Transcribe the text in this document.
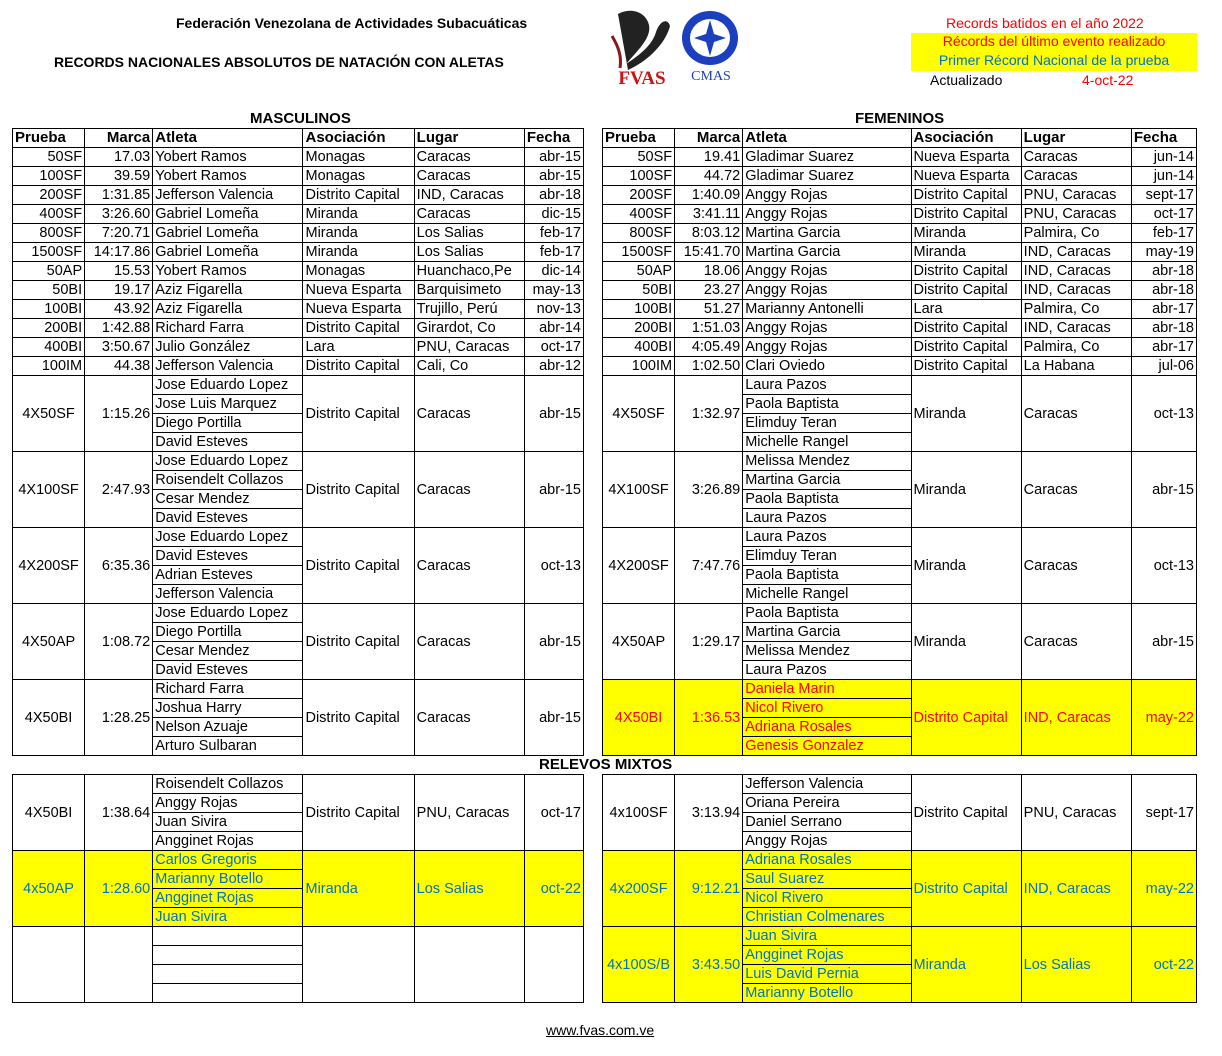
Federación Venezolana de Actividades Subacuáticas
RECORDS NACIONALES ABSOLUTOS DE NATACIÓN CON ALETAS
FVAS CMAS
Records batidos en el año 2022
Récords del último evento realizado
Primer Récord Nacional de la prueba
Actualizado	4-oct-22
MASCULINOS	FEMENINOS
RELEVOS MIXTOS
Prueba	Marca	Atleta	Asociación	Lugar	Fecha
50SF	17.03	Yobert Ramos	Monagas	Caracas	abr-15
100SF	39.59	Yobert Ramos	Monagas	Caracas	abr-15
200SF	1:31.85	Jefferson Valencia	Distrito Capital	IND, Caracas	abr-18
400SF	3:26.60	Gabriel Lomeña	Miranda	Caracas	dic-15
800SF	7:20.71	Gabriel Lomeña	Miranda	Los Salias	feb-17
1500SF	14:17.86	Gabriel Lomeña	Miranda	Los Salias	feb-17
50AP	15.53	Yobert Ramos	Monagas	Huanchaco,Pe	dic-14
50BI	19.17	Aziz Figarella	Nueva Esparta	Barquisimeto	may-13
100BI	43.92	Aziz Figarella	Nueva Esparta	Trujillo, Perú	nov-13
200BI	1:42.88	Richard Farra	Distrito Capital	Girardot, Co	abr-14
400BI	3:50.67	Julio González	Lara	PNU, Caracas	oct-17
100IM	44.38	Jefferson Valencia	Distrito Capital	Cali, Co	abr-12
4X50SF	1:15.26	Jose Eduardo Lopez	Distrito Capital	Caracas	abr-15
		Jose Luis Marquez			
		Diego Portilla			
		David Esteves			
4X100SF	2:47.93	Jose Eduardo Lopez	Distrito Capital	Caracas	abr-15
		Roisendelt Collazos			
		Cesar Mendez			
		David Esteves			
4X200SF	6:35.36	Jose Eduardo Lopez	Distrito Capital	Caracas	oct-13
		David Esteves			
		Adrian Esteves			
		Jefferson Valencia			
4X50AP	1:08.72	Jose Eduardo Lopez	Distrito Capital	Caracas	abr-15
		Diego Portilla			
		Cesar Mendez			
		David Esteves			
4X50BI	1:28.25	Richard Farra	Distrito Capital	Caracas	abr-15
		Joshua Harry			
		Nelson Azuaje			
		Arturo Sulbaran			
Prueba	Marca	Atleta	Asociación	Lugar	Fecha
50SF	19.41	Gladimar Suarez	Nueva Esparta	Caracas	jun-14
100SF	44.72	Gladimar Suarez	Nueva Esparta	Caracas	jun-14
200SF	1:40.09	Anggy Rojas	Distrito Capital	PNU, Caracas	sept-17
400SF	3:41.11	Anggy Rojas	Distrito Capital	PNU, Caracas	oct-17
800SF	8:03.12	Martina Garcia	Miranda	Palmira, Co	feb-17
1500SF	15:41.70	Martina Garcia	Miranda	IND, Caracas	may-19
50AP	18.06	Anggy Rojas	Distrito Capital	IND, Caracas	abr-18
50BI	23.27	Anggy Rojas	Distrito Capital	IND, Caracas	abr-18
100BI	51.27	Marianny Antonelli	Lara	Palmira, Co	abr-17
200BI	1:51.03	Anggy Rojas	Distrito Capital	IND, Caracas	abr-18
400BI	4:05.49	Anggy Rojas	Distrito Capital	Palmira, Co	abr-17
100IM	1:02.50	Clari Oviedo	Distrito Capital	La Habana	jul-06
4X50SF	1:32.97	Laura Pazos	Miranda	Caracas	oct-13
		Paola Baptista			
		Elimduy Teran			
		Michelle Rangel			
4X100SF	3:26.89	Melissa Mendez	Miranda	Caracas	abr-15
		Martina Garcia			
		Paola Baptista			
		Laura Pazos			
4X200SF	7:47.76	Laura Pazos	Miranda	Caracas	oct-13
		Elimduy Teran			
		Paola Baptista			
		Michelle Rangel			
4X50AP	1:29.17	Paola Baptista	Miranda	Caracas	abr-15
		Martina Garcia			
		Melissa Mendez			
		Laura Pazos			
4X50BI	1:36.53	Daniela Marin	Distrito Capital	IND, Caracas	may-22
		Nicol Rivero			
		Adriana Rosales			
		Genesis Gonzalez			
4X50BI	1:38.64	Roisendelt Collazos	Distrito Capital	PNU, Caracas	oct-17
		Anggy Rojas			
		Juan Sivira			
		Angginet Rojas			
4x50AP	1:28.60	Carlos Gregoris	Miranda	Los Salias	oct-22
		Marianny Botello			
		Angginet Rojas			
		Juan Sivira			

4x100SF	3:13.94	Jefferson Valencia	Distrito Capital	PNU, Caracas	sept-17
		Oriana Pereira			
		Daniel Serrano			
		Anggy Rojas			
4x200SF	9:12.21	Adriana Rosales	Distrito Capital	IND, Caracas	may-22
		Saul Suarez			
		Nicol Rivero			
		Christian Colmenares			
4x100S/B	3:43.50	Juan Sivira	Miranda	Los Salias	oct-22
		Angginet Rojas			
		Luis David Pernia			
		Marianny Botello			
www.fvas.com.ve
